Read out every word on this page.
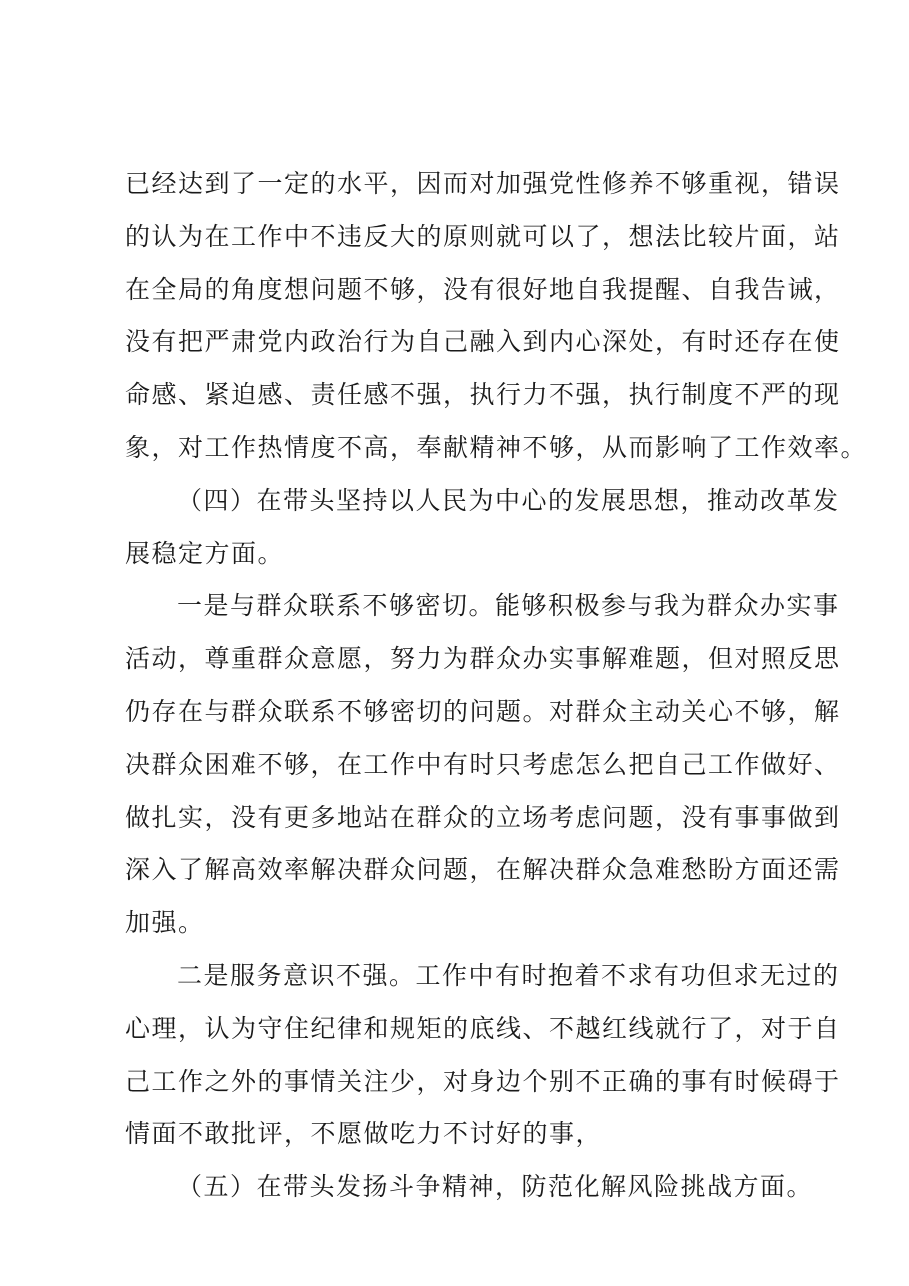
已经达到了一定的水平，因而对加强党性修养不够重视，错误
的认为在工作中不违反大的原则就可以了，想法比较片面，站
在全局的角度想问题不够，没有很好地自我提醒、自我告诫，
没有把严肃党内政治行为自己融入到内心深处，有时还存在使
命感、紧迫感、责任感不强，执行力不强，执行制度不严的现
象，对工作热情度不高，奉献精神不够，从而影响了工作效率。
（四）在带头坚持以人民为中心的发展思想，推动改革发
展稳定方面。
一是与群众联系不够密切。能够积极参与我为群众办实事
活动，尊重群众意愿，努力为群众办实事解难题，但对照反思
仍存在与群众联系不够密切的问题。对群众主动关心不够，解
决群众困难不够，在工作中有时只考虑怎么把自己工作做好、
做扎实，没有更多地站在群众的立场考虑问题，没有事事做到
深入了解高效率解决群众问题，在解决群众急难愁盼方面还需
加强。
二是服务意识不强。工作中有时抱着不求有功但求无过的
心理，认为守住纪律和规矩的底线、不越红线就行了，对于自
己工作之外的事情关注少，对身边个别不正确的事有时候碍于
情面不敢批评，不愿做吃力不讨好的事，
（五）在带头发扬斗争精神，防范化解风险挑战方面。
